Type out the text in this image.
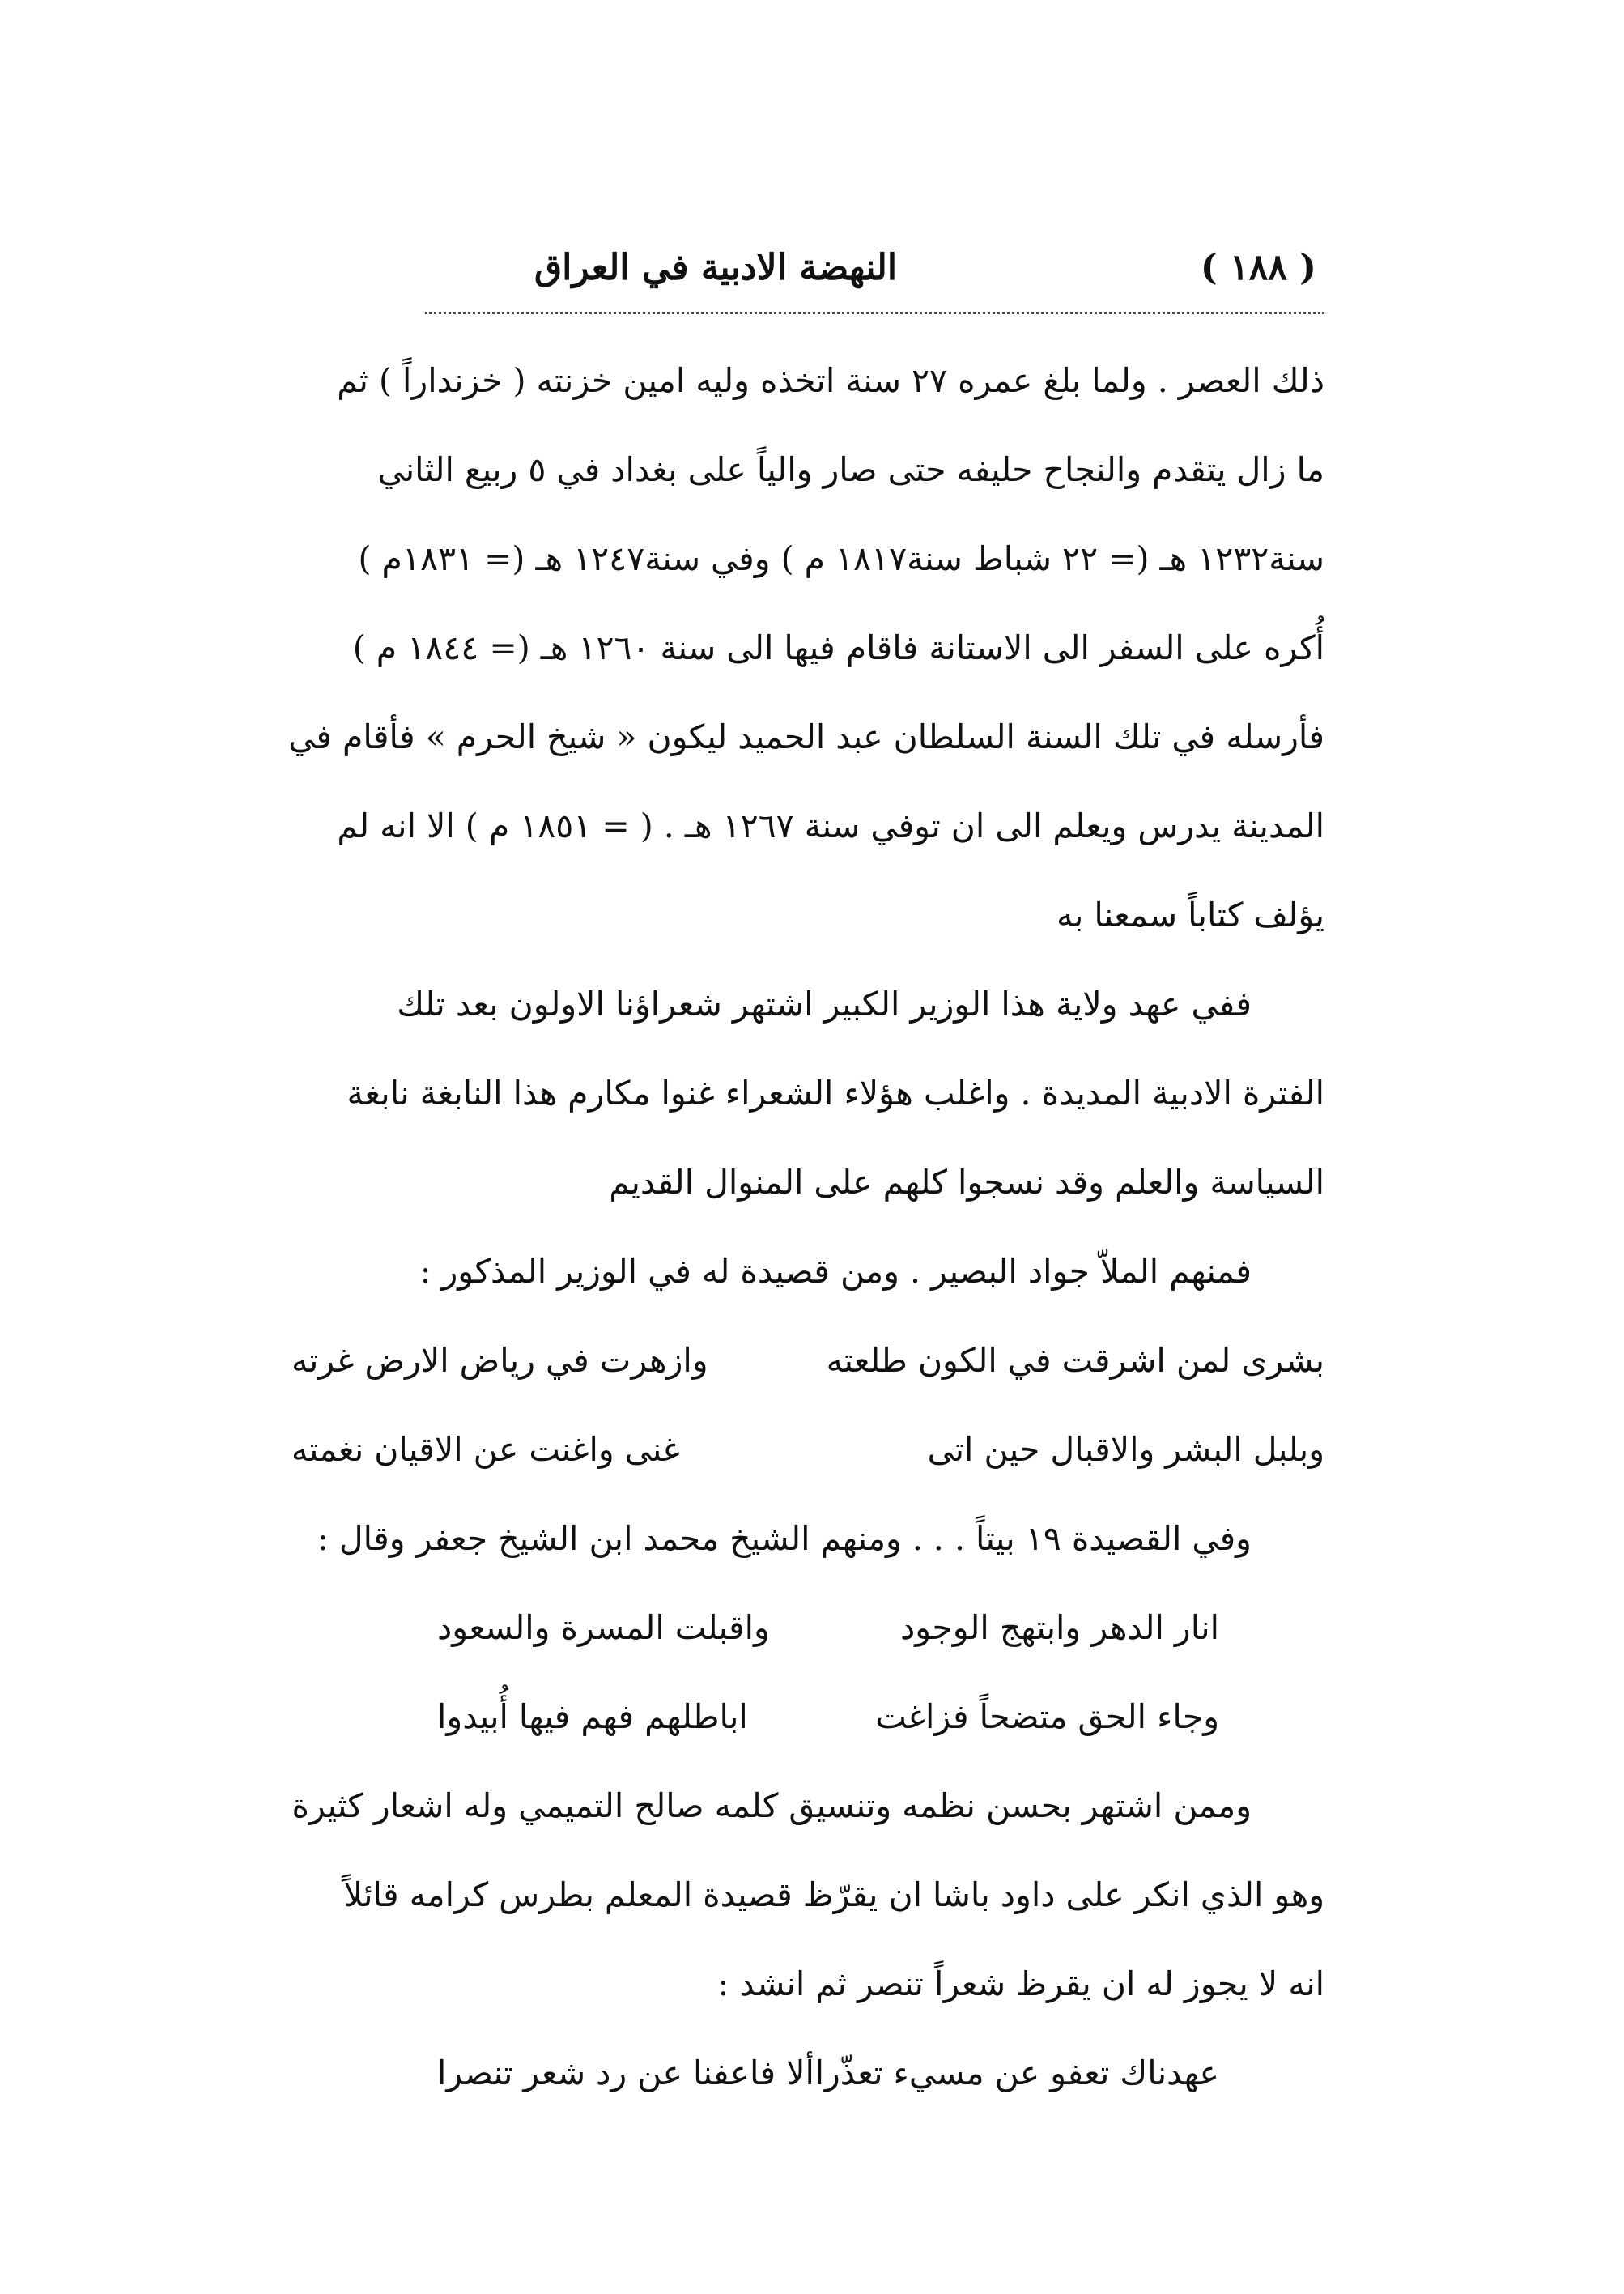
( ١٨٨ )
النهضة الادبية في العراق
ذلك العصر . ولما بلغ عمره ٢٧ سنة اتخذه وليه امين خزنته ( خزنداراً ) ثم
ما زال يتقدم والنجاح حليفه حتى صار والياً على بغداد في ٥ ربيع الثاني
سنة١٢٣٢ هـ (= ٢٢ شباط سنة١٨١٧ م ) وفي سنة١٢٤٧ هـ (= ١٨٣١م )
أُكره على السفر الى الاستانة فاقام فيها الى سنة ١٢٦٠ هـ (= ١٨٤٤ م )
فأرسله في تلك السنة السلطان عبد الحميد ليكون « شيخ الحرم » فأقام في
المدينة يدرس ويعلم الى ان توفي سنة ١٢٦٧ هـ . ( = ١٨٥١ م ) الا انه لم
يؤلف كتاباً سمعنا به
ففي عهد ولاية هذا الوزير الكبير اشتهر شعراؤنا الاولون بعد تلك
الفترة الادبية المديدة . واغلب هؤلاء الشعراء غنوا مكارم هذا النابغة نابغة
السياسة والعلم وقد نسجوا كلهم على المنوال القديم
فمنهم الملاّ جواد البصير . ومن قصيدة له في الوزير المذكور :
بشرى لمن اشرقت في الكون طلعته
وازهرت في رياض الارض غرته
وبلبل البشر والاقبال حين اتى
غنى واغنت عن الاقيان نغمته
وفي القصيدة ١٩ بيتاً . . . ومنهم الشيخ محمد ابن الشيخ جعفر وقال :
انار الدهر وابتهج الوجود
واقبلت المسرة والسعود
وجاء الحق متضحاً فزاغت
اباطلهم فهم فيها أُبيدوا
وممن اشتهر بحسن نظمه وتنسيق كلمه صالح التميمي وله اشعار كثيرة
وهو الذي انكر على داود باشا ان يقرّظ قصيدة المعلم بطرس كرامه قائلاً
انه لا يجوز له ان يقرظ شعراً تنصر ثم انشد :
عهدناك تعفو عن مسيء تعذّرا
ألا فاعفنا عن رد شعر تنصرا
